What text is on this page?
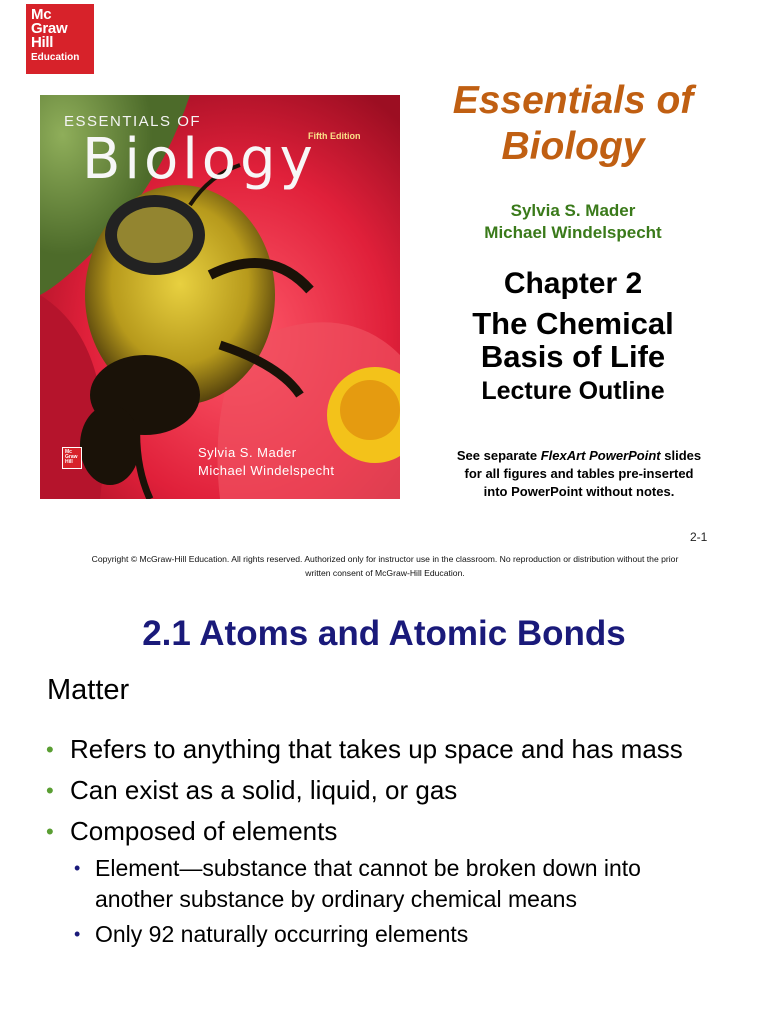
Mc
Graw
Hill
Education
ESSENTIALS OF
Biology
Fifth Edition
Mc
Graw
Hill
Sylvia S. Mader
Michael Windelspecht
Essentials of
Biology
Sylvia S. Mader
Michael Windelspecht
Chapter 2
The Chemical
Basis of Life
Lecture Outline
See separate FlexArt PowerPoint slides
for all figures and tables pre-inserted
into PowerPoint without notes.
2-1
Copyright © McGraw-Hill Education. All rights reserved. Authorized only for instructor use in the classroom. No reproduction or distribution without the prior
written consent of McGraw-Hill Education.
2.1 Atoms and Atomic Bonds
Matter
• Refers to anything that takes up space and has mass
• Can exist as a solid, liquid, or gas
• Composed of elements
• Element—substance that cannot be broken down into another substance by ordinary chemical means
• Only 92 naturally occurring elements
